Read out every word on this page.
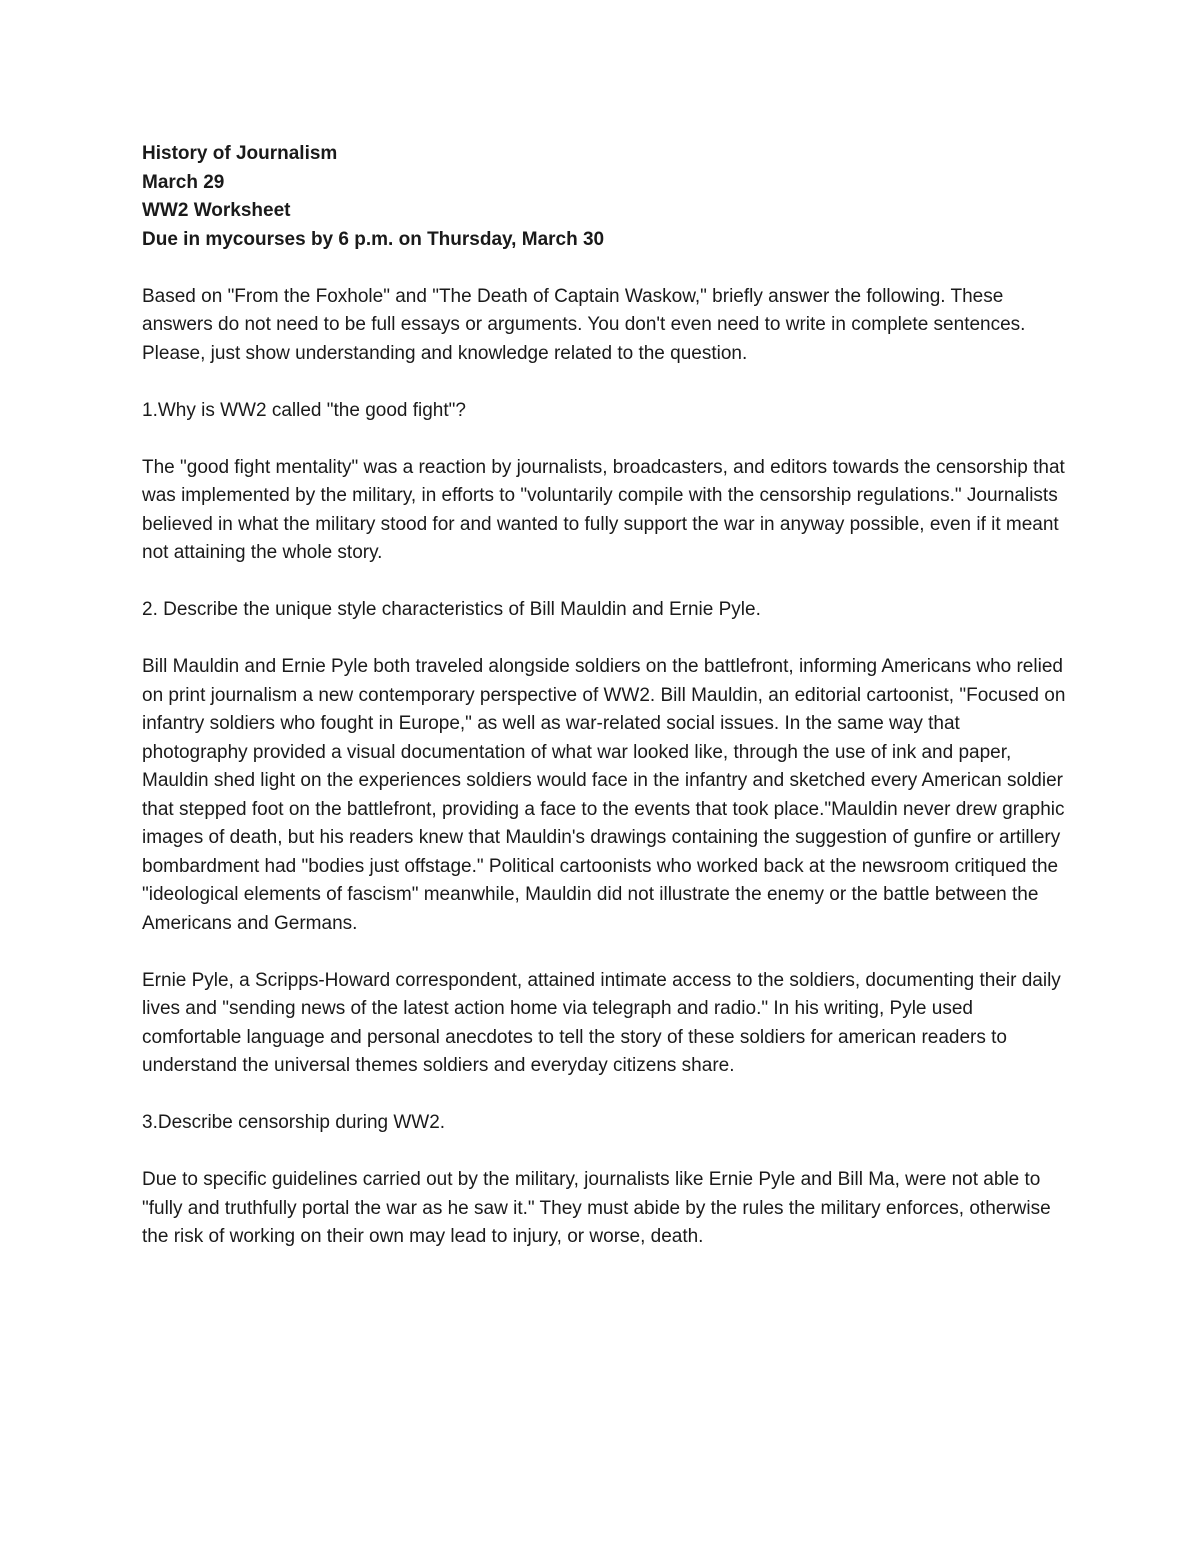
History of Journalism
March 29
WW2 Worksheet
Due in mycourses by 6 p.m. on Thursday, March 30

Based on "From the Foxhole" and "The Death of Captain Waskow," briefly answer the following. These answers do not need to be full essays or arguments. You don't even need to write in complete sentences. Please, just show understanding and knowledge related to the question.

1.Why is WW2 called "the good fight"?

The "good fight mentality" was a reaction by journalists, broadcasters, and editors towards the censorship that was implemented by the military, in efforts to "voluntarily compile with the censorship regulations." Journalists believed in what the military stood for and wanted to fully support the war in anyway possible, even if it meant not attaining the whole story.

2. Describe the unique style characteristics of Bill Mauldin and Ernie Pyle.

Bill Mauldin and Ernie Pyle both traveled alongside soldiers on the battlefront, informing Americans who relied on print journalism a new contemporary perspective of WW2. Bill Mauldin, an editorial cartoonist, "Focused on infantry soldiers who fought in Europe," as well as war-related social issues. In the same way that photography provided a visual documentation of what war looked like, through the use of ink and paper, Mauldin shed light on the experiences soldiers would face in the infantry and sketched every American soldier that stepped foot on the battlefront, providing a face to the events that took place."Mauldin never drew graphic images of death, but his readers knew that Mauldin's drawings containing the suggestion of gunfire or artillery bombardment had "bodies just offstage." Political cartoonists who worked back at the newsroom critiqued the "ideological elements of fascism" meanwhile, Mauldin did not illustrate the enemy or the battle between the Americans and Germans.

Ernie Pyle, a Scripps-Howard correspondent, attained intimate access to the soldiers, documenting their daily lives and "sending news of the latest action home via telegraph and radio." In his writing, Pyle used comfortable language and personal anecdotes to tell the story of these soldiers for american readers to understand the universal themes soldiers and everyday citizens share.

3.Describe censorship during WW2.

Due to specific guidelines carried out by the military, journalists like Ernie Pyle and Bill Ma, were not able to "fully and truthfully portal the war as he saw it." They must abide by the rules the military enforces, otherwise the risk of working on their own may lead to injury, or worse, death.
